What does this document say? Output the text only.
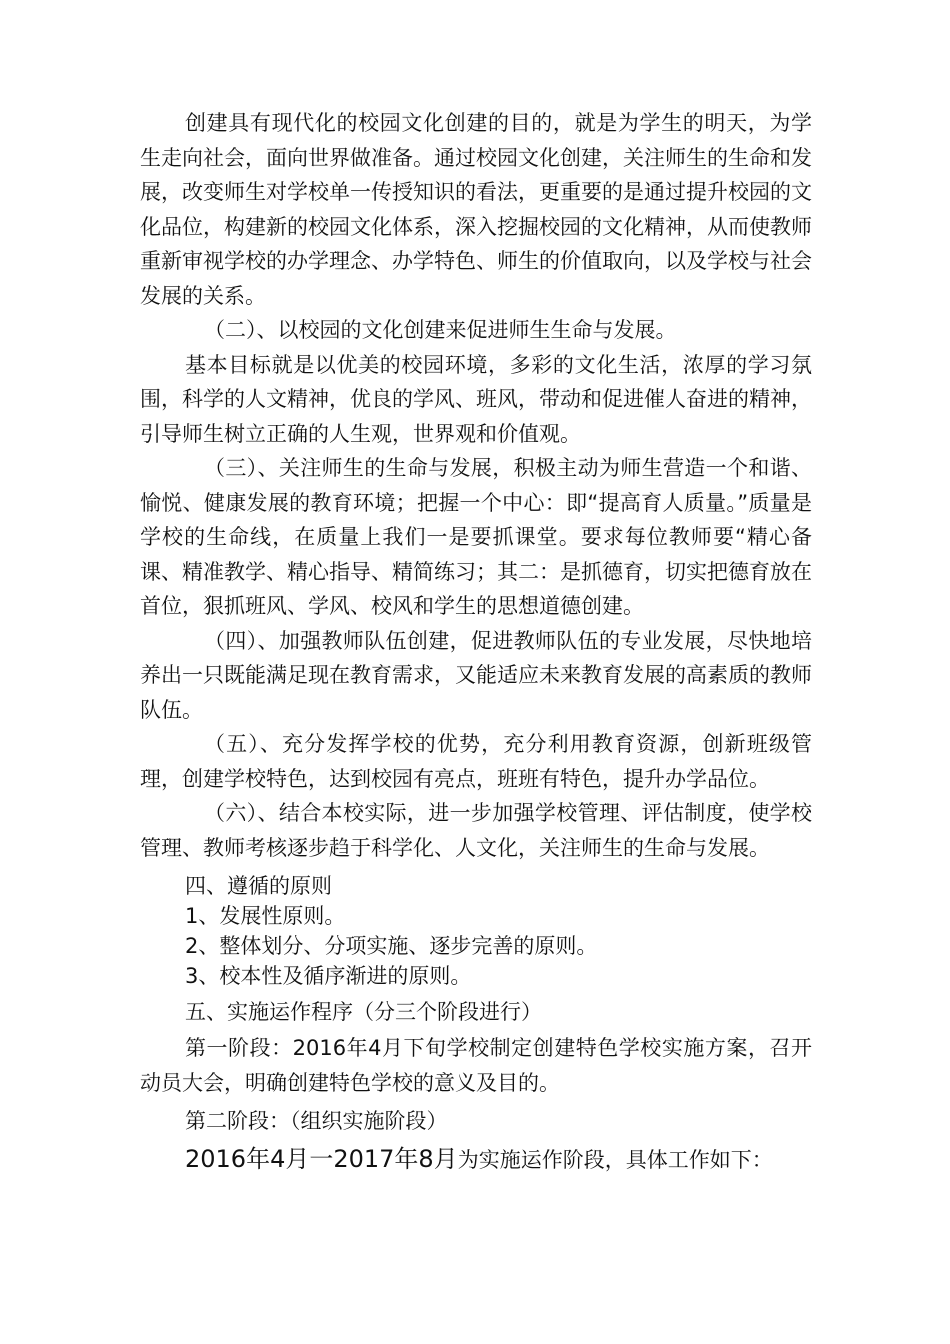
创建具有现代化的校园文化创建的目的，就是为学生的明天，为学生走向社会，面向世界做准备。通过校园文化创建，关注师生的生命和发展，改变师生对学校单一传授知识的看法，更重要的是通过提升校园的文化品位，构建新的校园文化体系，深入挖掘校园的文化精神，从而使教师重新审视学校的办学理念、办学特色、师生的价值取向，以及学校与社会发展的关系。

（二）、以校园的文化创建来促进师生生命与发展。

基本目标就是以优美的校园环境，多彩的文化生活，浓厚的学习氛围，科学的人文精神，优良的学风、班风，带动和促进催人奋进的精神，引导师生树立正确的人生观，世界观和价值观。

（三）、关注师生的生命与发展，积极主动为师生营造一个和谐、愉悦、健康发展的教育环境；把握一个中心：即“提高育人质量。”质量是学校的生命线，在质量上我们一是要抓课堂。要求每位教师要“精心备课、精准教学、精心指导、精简练习；其二：是抓德育，切实把德育放在首位，狠抓班风、学风、校风和学生的思想道德创建。

（四）、加强教师队伍创建，促进教师队伍的专业发展，尽快地培养出一只既能满足现在教育需求，又能适应未来教育发展的高素质的教师队伍。

（五）、充分发挥学校的优势，充分利用教育资源，创新班级管理，创建学校特色，达到校园有亮点，班班有特色，提升办学品位。

（六）、结合本校实际，进一步加强学校管理、评估制度，使学校管理、教师考核逐步趋于科学化、人文化，关注师生的生命与发展。

四、遵循的原则

1、发展性原则。

2、整体划分、分项实施、逐步完善的原则。

3、校本性及循序渐进的原则。

五、实施运作程序（分三个阶段进行）

第一阶段：2016年4月下旬学校制定创建特色学校实施方案，召开动员大会，明确创建特色学校的意义及目的。

第二阶段：（组织实施阶段）

2016年4月一2017年8月为实施运作阶段，具体工作如下：
